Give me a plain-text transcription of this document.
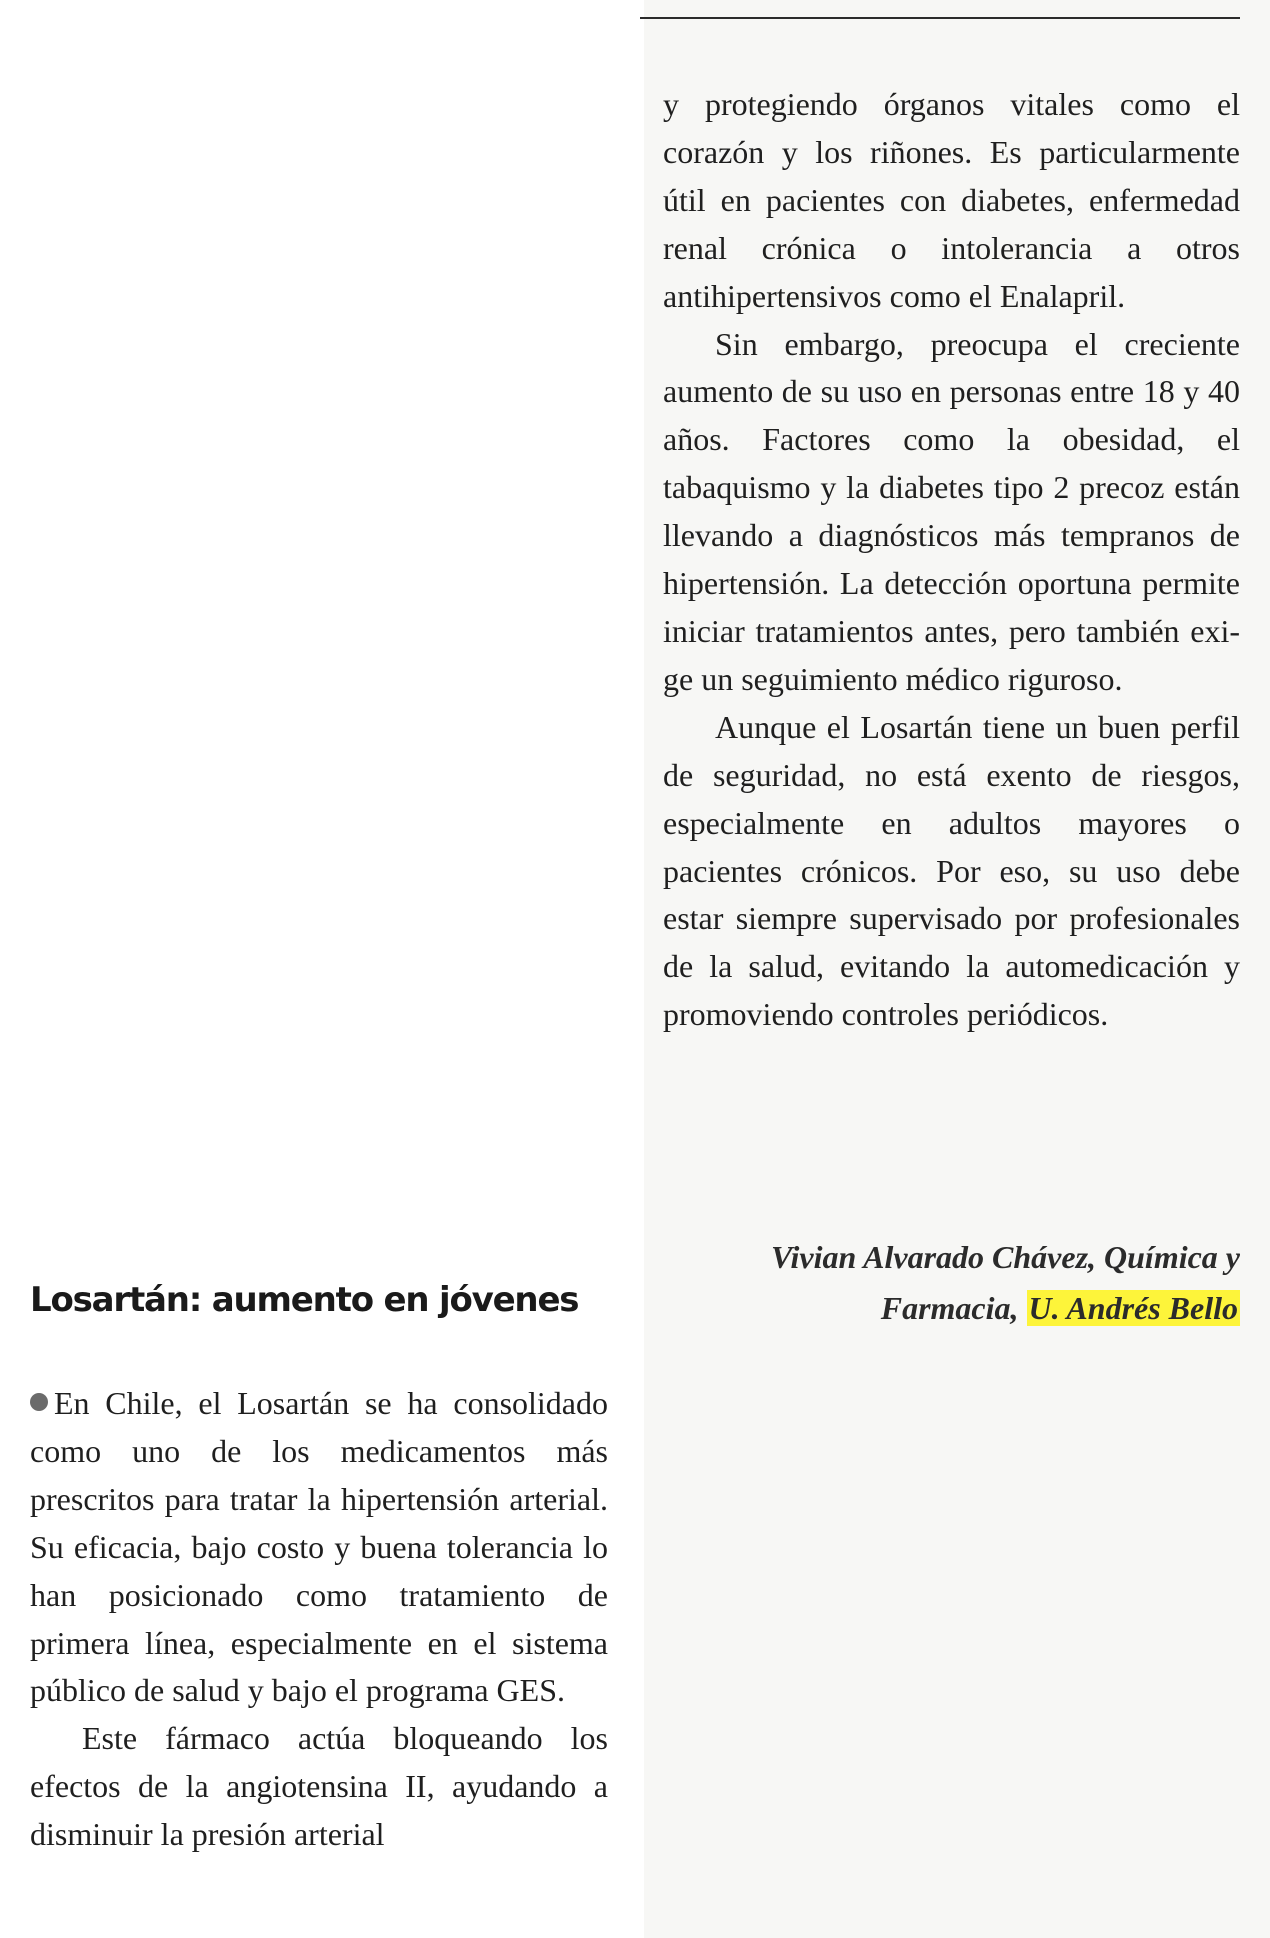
y protegiendo órganos vitales como el corazón y los riñones. Es particularmente útil en pacientes con diabetes, enfermedad renal crónica o intolerancia a otros antihipertensivos como el Enalapril.

Sin embargo, preocupa el creciente aumento de su uso en personas entre 18 y 40 años. Factores como la obesidad, el tabaquismo y la diabetes tipo 2 precoz están llevando a diagnósticos más tempranos de hipertensión. La detección oportuna permite iniciar tratamientos antes, pero también exige un seguimiento médico riguroso.

Aunque el Losartán tiene un buen perfil de seguridad, no está exento de riesgos, especialmente en adultos mayores o pacientes crónicos. Por eso, su uso debe estar siempre supervisado por profesionales de la salud, evitando la automedicación y promoviendo controles periódicos.

Vivian Alvarado Chávez, Química y
Farmacia, U. Andrés Bello
Losartán: aumento en jóvenes

En Chile, el Losartán se ha consolidado como uno de los medicamentos más prescritos para tratar la hipertensión arterial. Su eficacia, bajo costo y buena tolerancia lo han posicionado como tratamiento de primera línea, especialmente en el sistema público de salud y bajo el programa GES.

Este fármaco actúa bloqueando los efectos de la angiotensina II, ayudando a disminuir la presión arterial
